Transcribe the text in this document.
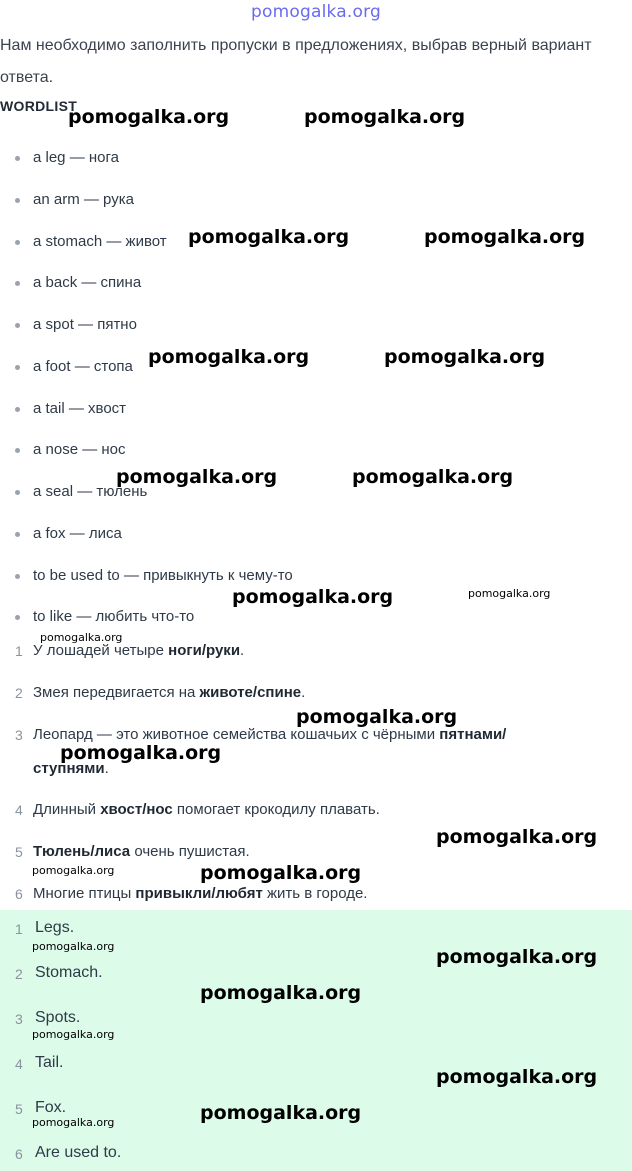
pomogalka.org
Нам необходимо заполнить пропуски в предложениях, выбрав верный вариант ответа.
WORDLIST
a leg — нога
an arm — рука
a stomach — живот
a back — спина
a spot — пятно
a foot — стопа
a tail — хвост
a nose — нос
a seal — тюлень
a fox — лиса
to be used to — привыкнуть к чему-то
to like — любить что-то
1 У лошадей четыре ноги/руки.
2 Змея передвигается на животе/спине.
3 Леопард — это животное семейства кошачьих с чёрными пятнами/
ступнями.
4 Длинный хвост/нос помогает крокодилу плавать.
5 Тюлень/лиса очень пушистая.
6 Многие птицы привыкли/любят жить в городе.
1 Legs.
2 Stomach.
3 Spots.
4 Tail.
5 Fox.
6 Are used to.
pomogalka.org	pomogalka.org
pomogalka.org	pomogalka.org
pomogalka.org	pomogalka.org
pomogalka.org	pomogalka.org
pomogalka.org
pomogalka.org
pomogalka.org
pomogalka.org
pomogalka.org
pomogalka.org
pomogalka.org
pomogalka.org
pomogalka.org
pomogalka.org
pomogalka.org
pomogalka.org
pomogalka.org
pomogalka.org
pomogalka.org
